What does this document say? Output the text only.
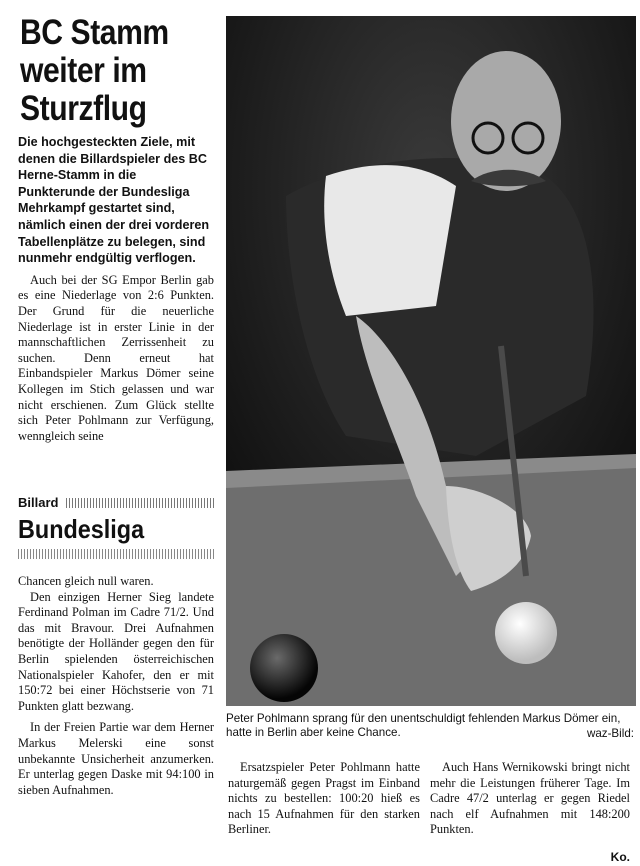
BC Stamm
weiter im
Sturzflug

Die hochgesteckten Ziele, mit denen die Billardspieler des BC Herne-Stamm in die Punkterunde der Bundesliga Mehrkampf gestartet sind, nämlich einen der drei vorderen Tabellenplätze zu belegen, sind nunmehr endgültig verflogen.

Auch bei der SG Empor Berlin gab es eine Niederlage von 2:6 Punkten. Der Grund für die neuerliche Niederlage ist in erster Linie in der mannschaftlichen Zerrissenheit zu suchen. Denn erneut hat Einbandspieler Markus Dömer seine Kollegen im Stich gelassen und war nicht erschienen. Zum Glück stellte sich Peter Pohlmann zur Verfügung, wenngleich seine

Billard
Bundesliga

Chancen gleich null waren.

Den einzigen Herner Sieg landete Ferdinand Polman im Cadre 71/2. Und das mit Bravour. Drei Aufnahmen benötigte der Holländer gegen den für Berlin spielenden österreichischen Nationalspieler Kahofer, den er mit 150:72 bei einer Höchstserie von 71 Punkten glatt bezwang.

In der Freien Partie war dem Herner Markus Melerski eine sonst unbekannte Unsicherheit anzumerken. Er unterlag gegen Daske mit 94:100 in sieben Aufnahmen.

Peter Pohlmann sprang für den unentschuldigt fehlenden Markus Dömer ein, hatte in Berlin aber keine Chance.	waz-Bild:

Ersatzspieler Peter Pohlmann hatte naturgemäß gegen Pragst im Einband nichts zu bestellen: 100:20 hieß es nach 15 Aufnahmen für den starken Berliner.

Auch Hans Wernikowski bringt nicht mehr die Leistungen früherer Tage. Im Cadre 47/2 unterlag er gegen Riedel nach elf Aufnahmen mit 148:200 Punkten.

Ko.
